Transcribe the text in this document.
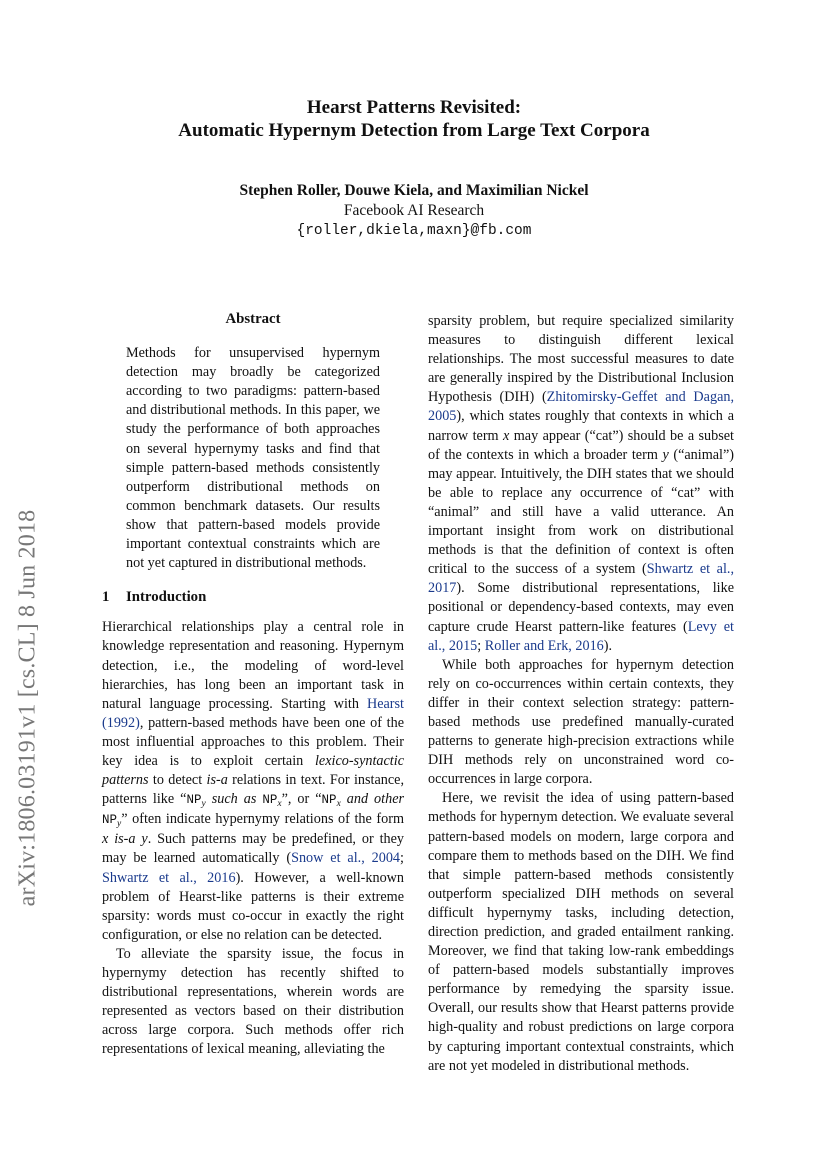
Hearst Patterns Revisited:
Automatic Hypernym Detection from Large Text Corpora
Stephen Roller, Douwe Kiela, and Maximilian Nickel
Facebook AI Research
{roller,dkiela,maxn}@fb.com
arXiv:1806.03191v1 [cs.CL] 8 Jun 2018
Abstract

Methods for unsupervised hypernym detection may broadly be categorized according to two paradigms: pattern-based and distributional methods. In this paper, we study the performance of both approaches on several hypernymy tasks and find that simple pattern-based methods consistently outperform distributional methods on common benchmark datasets. Our results show that pattern-based models provide important contextual constraints which are not yet captured in distributional methods.

1 Introduction

Hierarchical relationships play a central role in knowledge representation and reasoning. Hypernym detection, i.e., the modeling of word-level hierarchies, has long been an important task in natural language processing. Starting with Hearst (1992), pattern-based methods have been one of the most influential approaches to this problem. Their key idea is to exploit certain lexico-syntactic patterns to detect is-a relations in text. For instance, patterns like “$NP_y$ such as $NP_x$”, or “$NP_x$ and other $NP_y$” often indicate hypernymy relations of the form x is-a y. Such patterns may be predefined, or they may be learned automatically (Snow et al., 2004; Shwartz et al., 2016). However, a well-known problem of Hearst-like patterns is their extreme sparsity: words must co-occur in exactly the right configuration, or else no relation can be detected.

To alleviate the sparsity issue, the focus in hypernymy detection has recently shifted to distributional representations, wherein words are represented as vectors based on their distribution across large corpora. Such methods offer rich representations of lexical meaning, alleviating the

sparsity problem, but require specialized similarity measures to distinguish different lexical relationships. The most successful measures to date are generally inspired by the Distributional Inclusion Hypothesis (DIH) (Zhitomirsky-Geffet and Dagan, 2005), which states roughly that contexts in which a narrow term x may appear (“cat”) should be a subset of the contexts in which a broader term y (“animal”) may appear. Intuitively, the DIH states that we should be able to replace any occurrence of “cat” with “animal” and still have a valid utterance. An important insight from work on distributional methods is that the definition of context is often critical to the success of a system (Shwartz et al., 2017). Some distributional representations, like positional or dependency-based contexts, may even capture crude Hearst pattern-like features (Levy et al., 2015; Roller and Erk, 2016).

While both approaches for hypernym detection rely on co-occurrences within certain contexts, they differ in their context selection strategy: pattern-based methods use predefined manually-curated patterns to generate high-precision extractions while DIH methods rely on unconstrained word co-occurrences in large corpora.

Here, we revisit the idea of using pattern-based methods for hypernym detection. We evaluate several pattern-based models on modern, large corpora and compare them to methods based on the DIH. We find that simple pattern-based methods consistently outperform specialized DIH methods on several difficult hypernymy tasks, including detection, direction prediction, and graded entailment ranking. Moreover, we find that taking low-rank embeddings of pattern-based models substantially improves performance by remedying the sparsity issue. Overall, our results show that Hearst patterns provide high-quality and robust predictions on large corpora by capturing important contextual constraints, which are not yet modeled in distributional methods.
